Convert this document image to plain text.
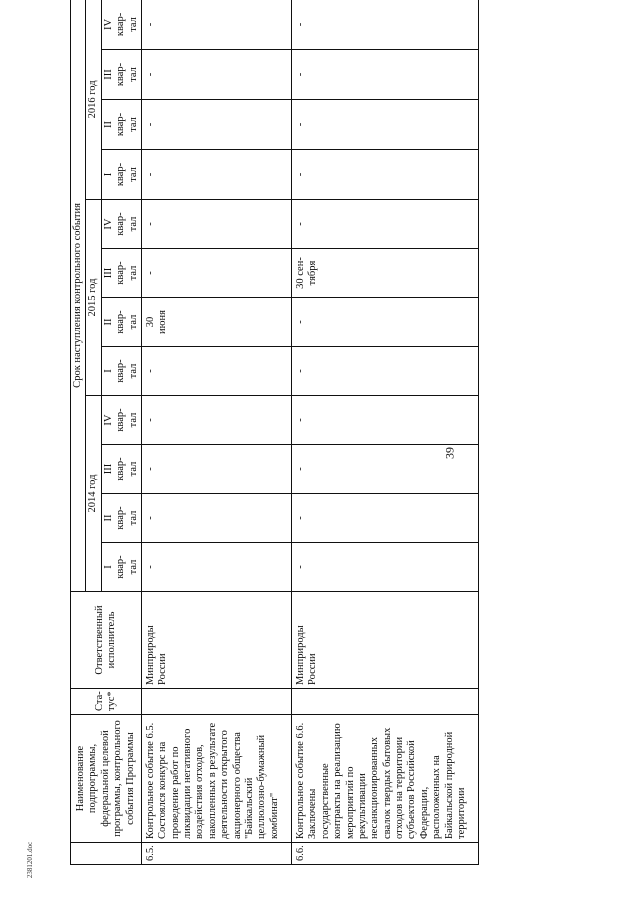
39
	Наименование подпрограммы, федеральной целевой программы, контрольного события Программы	Ста-
тус*	Ответственный исполнитель	Срок наступления контрольного события											
				2014 год				2015 год				2016 год			
				I
квар-
тал	II
квар-
тал	III
квар-
тал	IV
квар-
тал	I
квар-
тал	II
квар-
тал	III
квар-
тал	IV
квар-
тал	I
квар-
тал	II
квар-
тал	III
квар-
тал	IV
квар-
тал
6.5.	Контрольное событие 6.5. Состоялся конкурс на проведение работ по ликвидации негативного воздействия отходов, накопленных в результате деятельности открытого акционерного общества "Байкальский целлюлозно-бумажный комбинат"		Минприроды России	-	-	-	-	-	30
июня	-	-	-	-	-	-
6.6.	Контрольное событие 6.6. Заключены государственные контракты на реализацию мероприятий по рекультивации несанкционированных свалок твердых бытовых отходов на территории субъектов Российской Федерации, расположенных на Байкальской природной территории		Минприроды России	-	-	-	-	-	-	30 сен-
тября	-	-	-	-	-
2381201.doc
